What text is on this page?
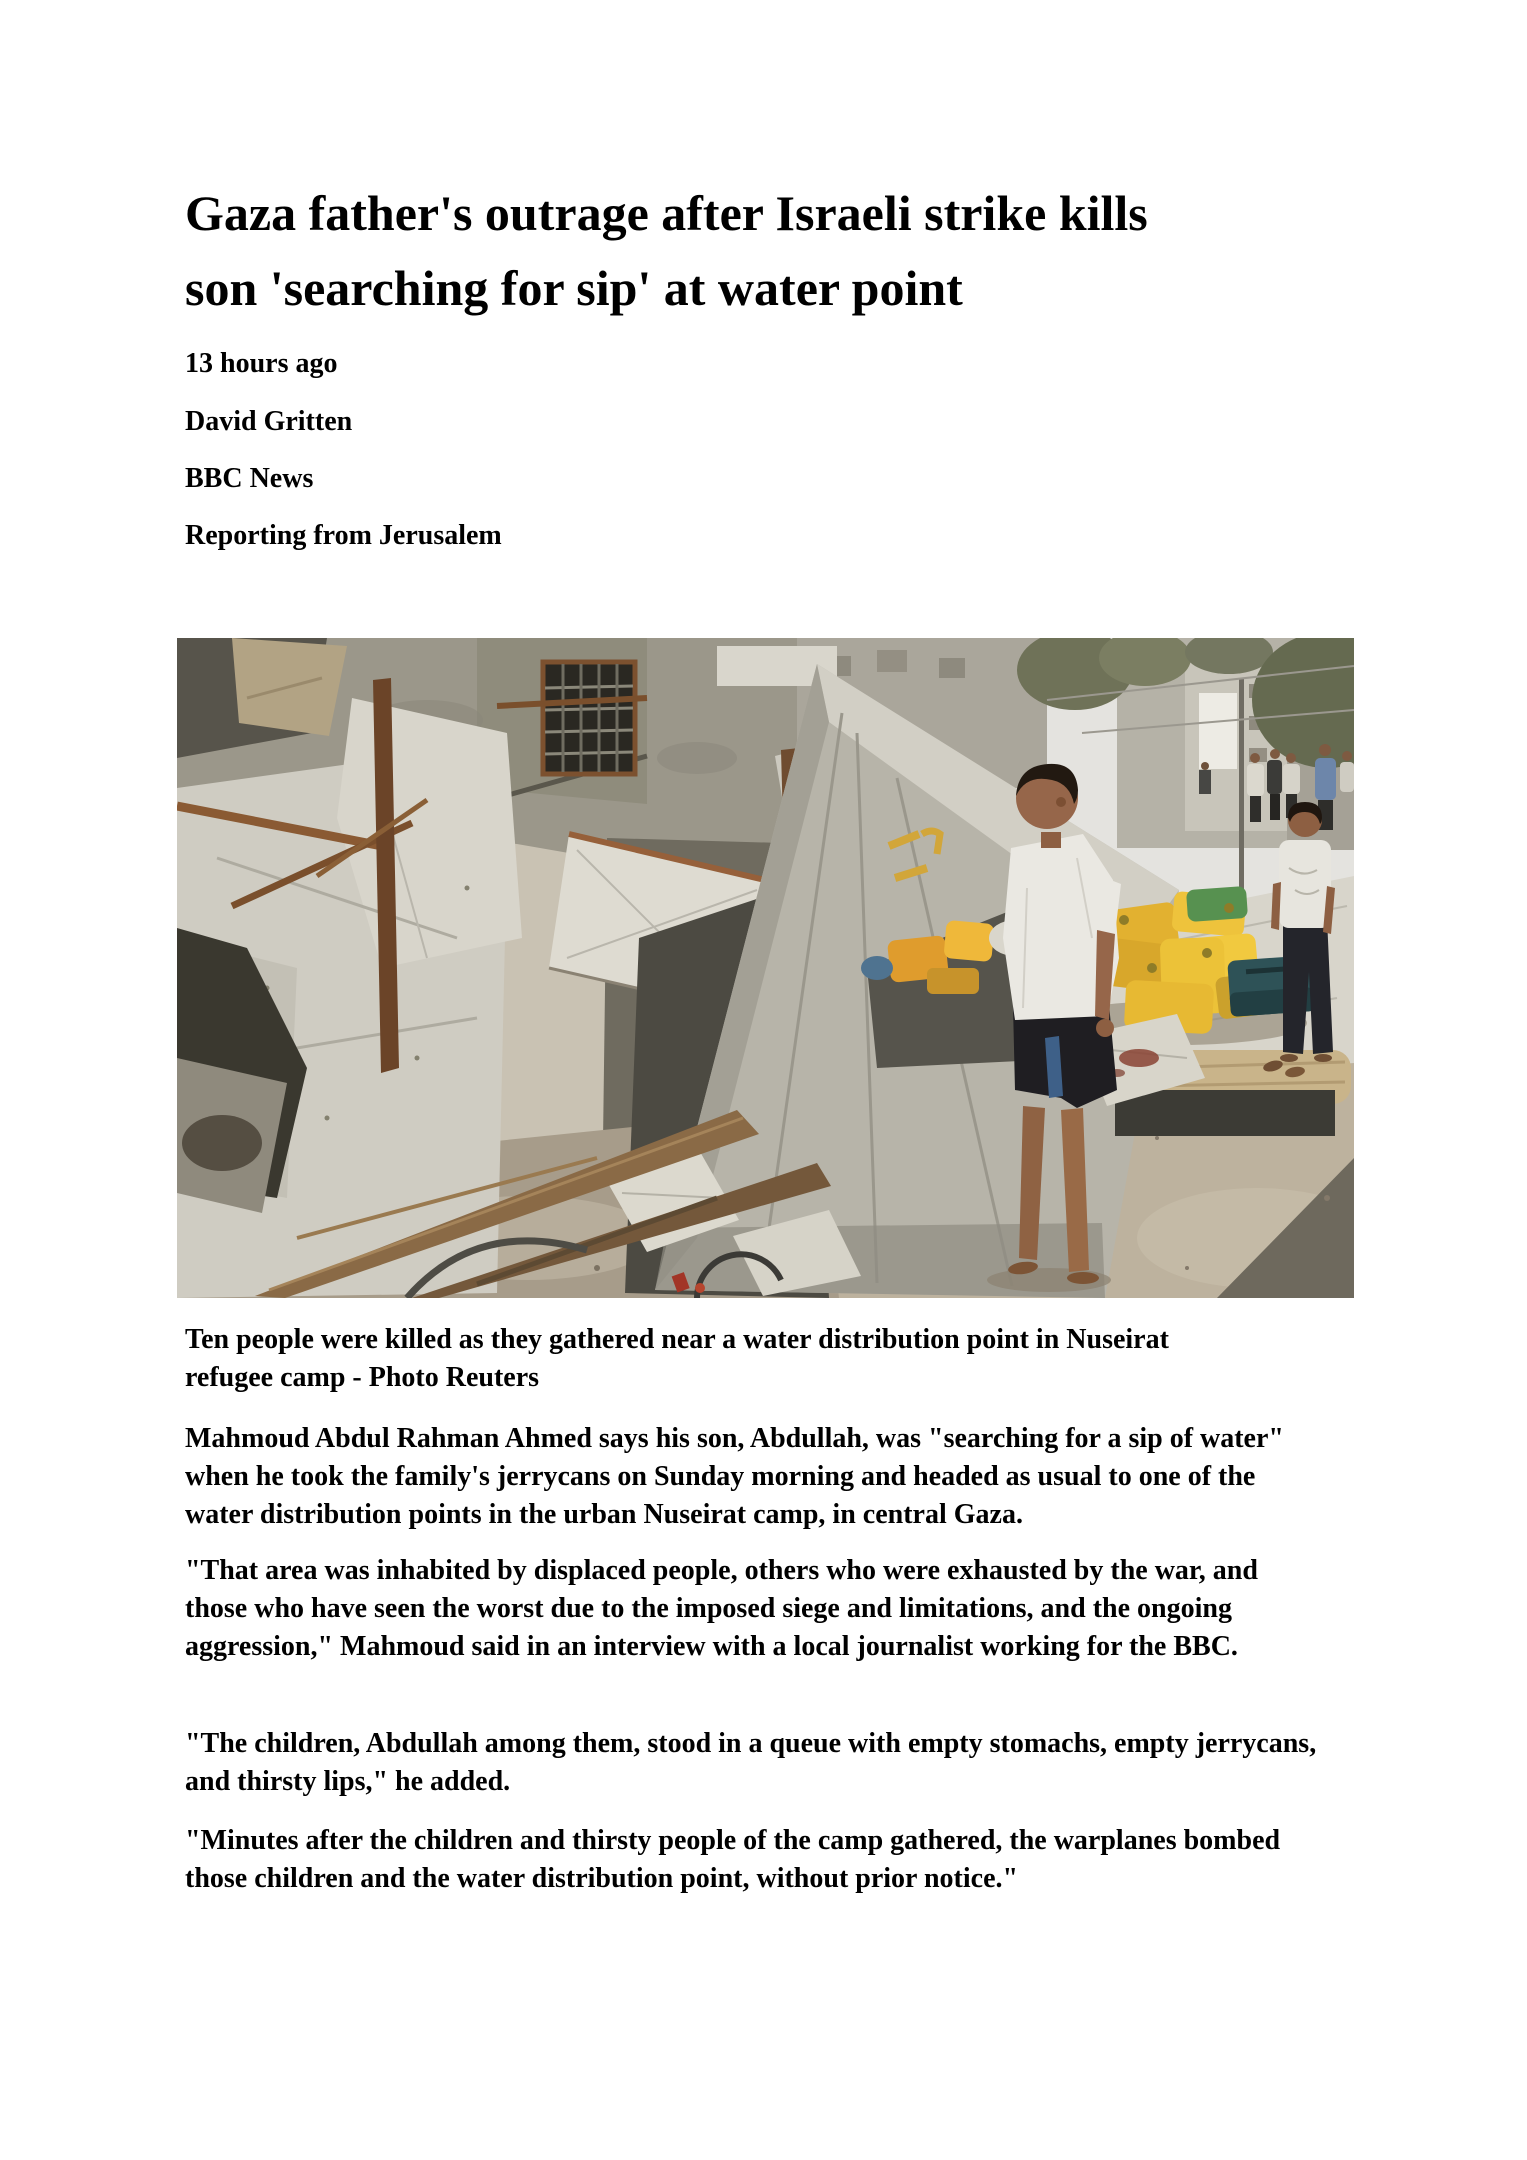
Gaza father's outrage after Israeli strike kills
son 'searching for sip' at water point

13 hours ago

David Gritten

BBC News

Reporting from Jerusalem

Ten people were killed as they gathered near a water distribution point in Nuseirat
refugee camp - Photo Reuters

Mahmoud Abdul Rahman Ahmed says his son, Abdullah, was "searching for a sip of water" when he took the family's jerrycans on Sunday morning and headed as usual to one of the water distribution points in the urban Nuseirat camp, in central Gaza.

"That area was inhabited by displaced people, others who were exhausted by the war, and those who have seen the worst due to the imposed siege and limitations, and the ongoing aggression," Mahmoud said in an interview with a local journalist working for the BBC.

"The children, Abdullah among them, stood in a queue with empty stomachs, empty jerrycans, and thirsty lips," he added.

"Minutes after the children and thirsty people of the camp gathered, the warplanes bombed those children and the water distribution point, without prior notice."
